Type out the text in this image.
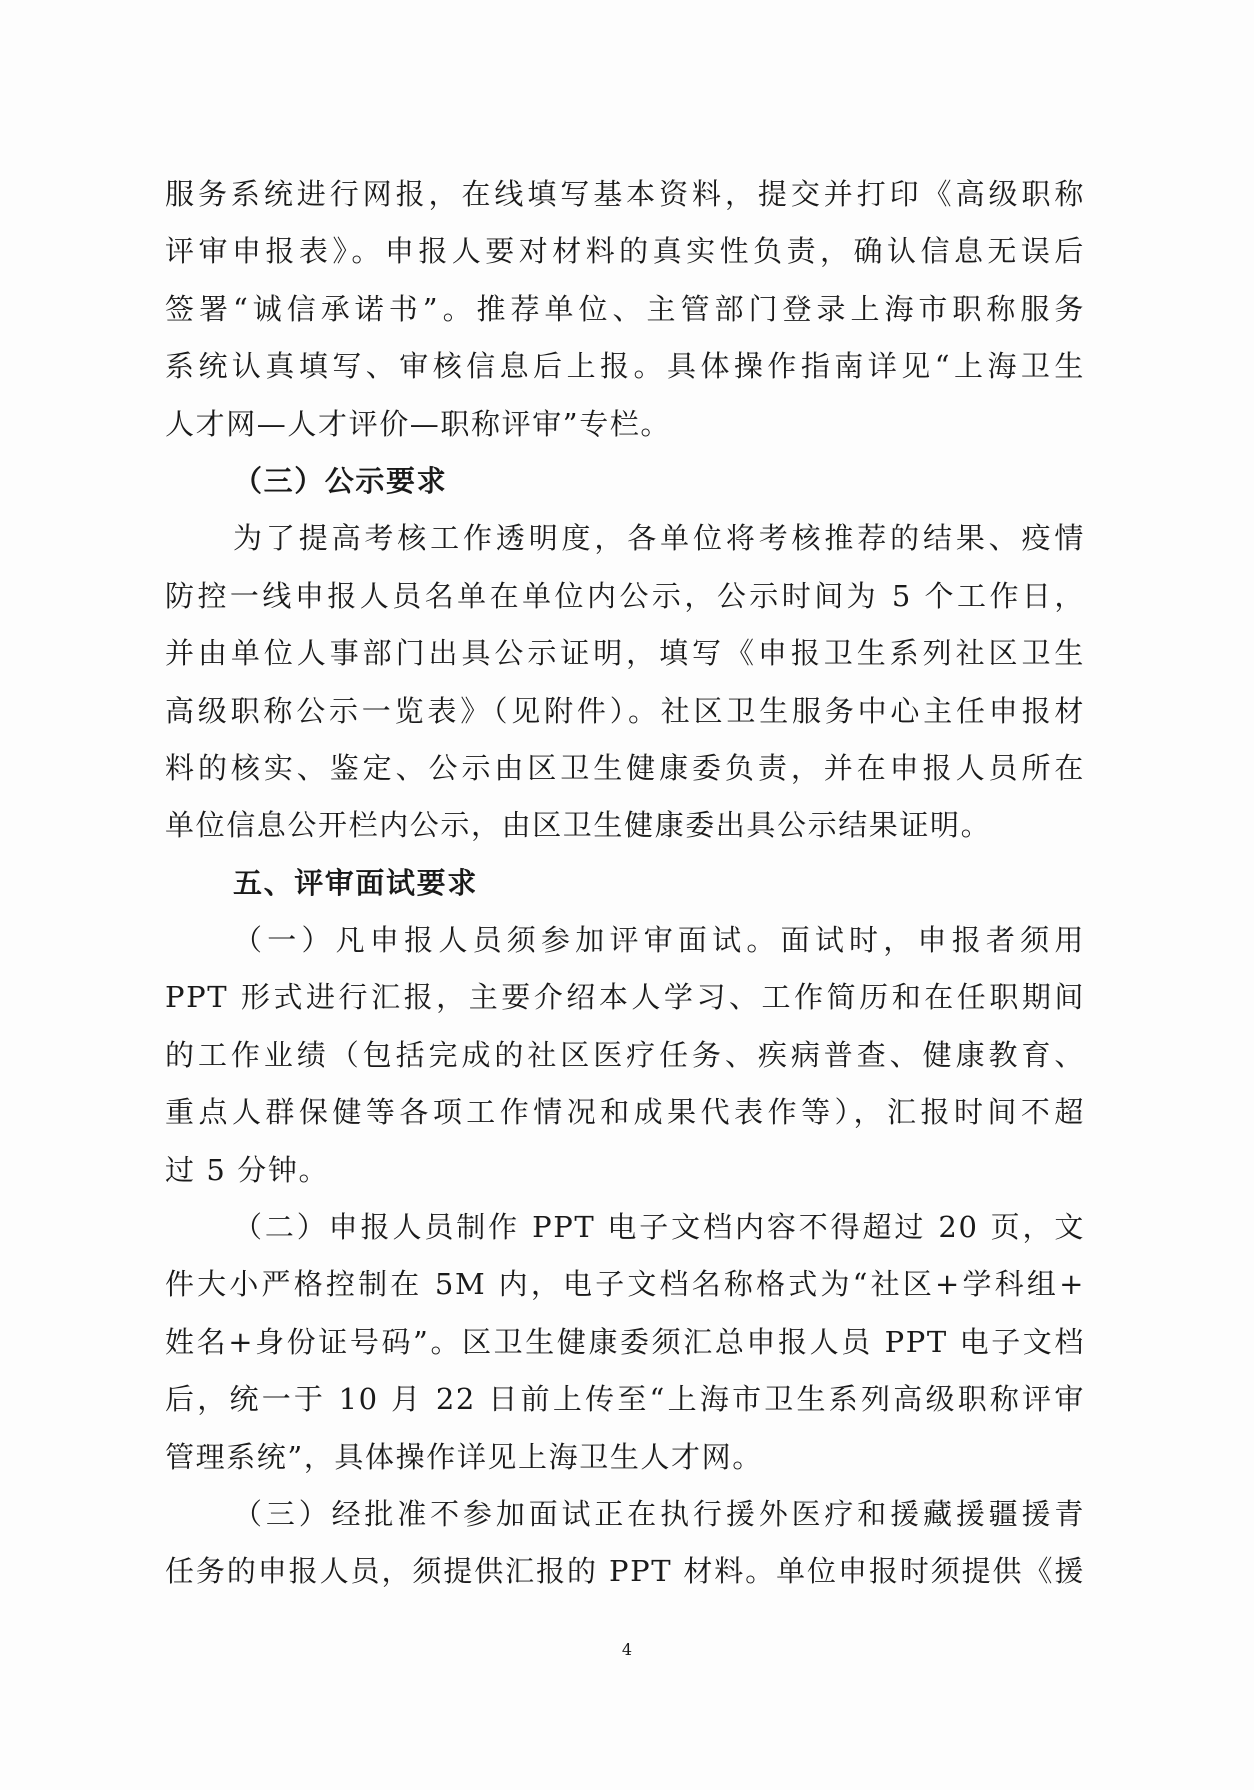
服务系统进行网报，在线填写基本资料，提交并打印《高级职称
评审申报表》。申报人要对材料的真实性负责，确认信息无误后
签署“诚信承诺书”。推荐单位、主管部门登录上海市职称服务
系统认真填写、审核信息后上报。具体操作指南详见“上海卫生
人才网—人才评价—职称评审”专栏。
（三）公示要求
为了提高考核工作透明度，各单位将考核推荐的结果、疫情
防控一线申报人员名单在单位内公示，公示时间为 5 个工作日，
并由单位人事部门出具公示证明，填写《申报卫生系列社区卫生
高级职称公示一览表》（见附件）。社区卫生服务中心主任申报材
料的核实、鉴定、公示由区卫生健康委负责，并在申报人员所在
单位信息公开栏内公示，由区卫生健康委出具公示结果证明。
五、评审面试要求
（一）凡申报人员须参加评审面试。面试时，申报者须用
PPT 形式进行汇报，主要介绍本人学习、工作简历和在任职期间
的工作业绩（包括完成的社区医疗任务、疾病普查、健康教育、
重点人群保健等各项工作情况和成果代表作等），汇报时间不超
过 5 分钟。
（二）申报人员制作 PPT 电子文档内容不得超过 20 页，文
件大小严格控制在 5M 内，电子文档名称格式为“社区+学科组+
姓名+身份证号码”。区卫生健康委须汇总申报人员 PPT 电子文档
后，统一于 10 月 22 日前上传至“上海市卫生系列高级职称评审
管理系统”，具体操作详见上海卫生人才网。
（三）经批准不参加面试正在执行援外医疗和援藏援疆援青
任务的申报人员，须提供汇报的 PPT 材料。单位申报时须提供《援
4
